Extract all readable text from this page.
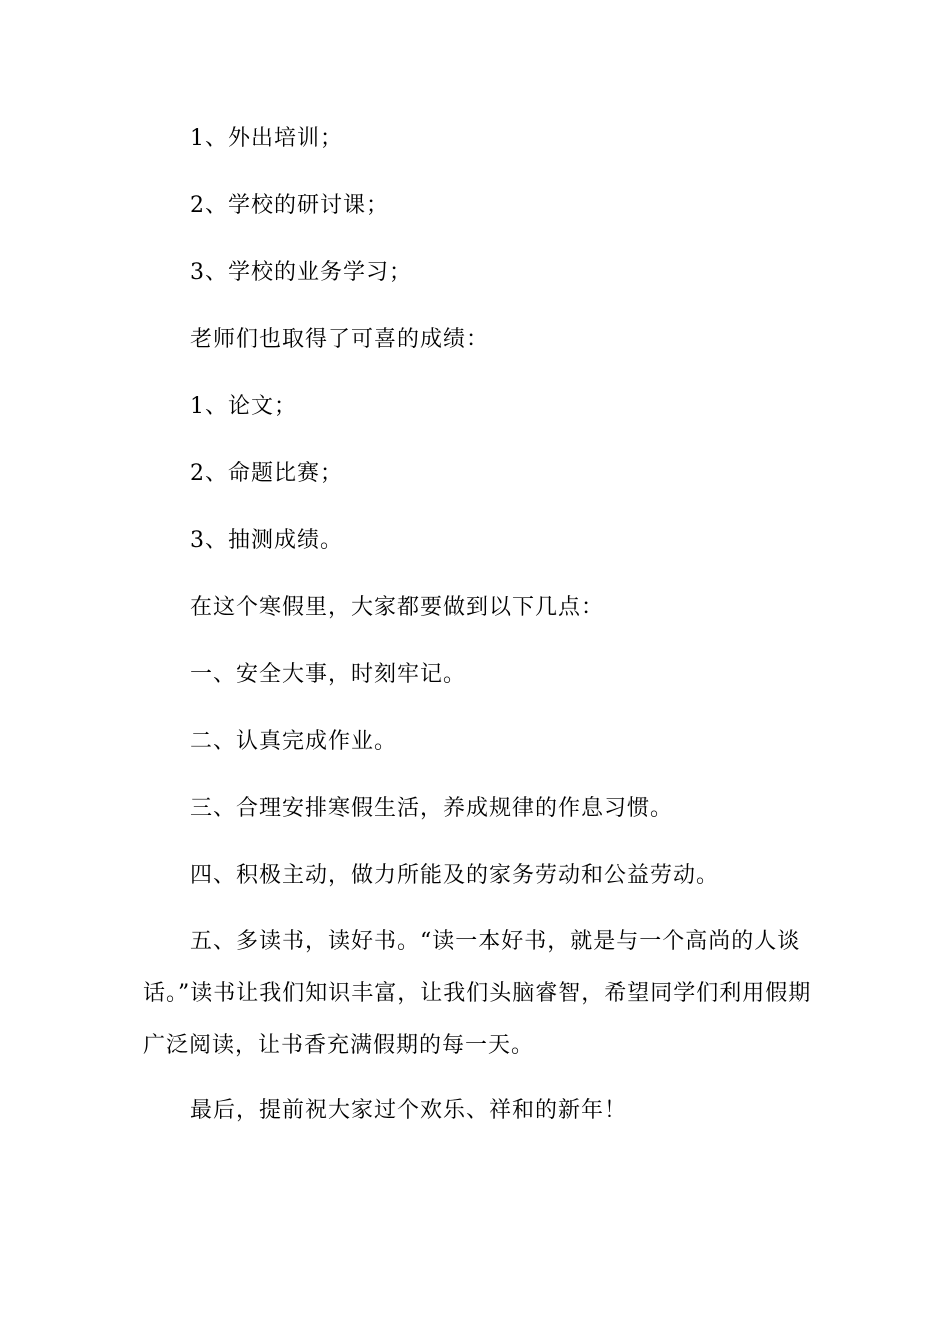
1、外出培训；
2、学校的研讨课；
3、学校的业务学习；
老师们也取得了可喜的成绩：
1、论文；
2、命题比赛；
3、抽测成绩。
在这个寒假里，大家都要做到以下几点：
一、安全大事，时刻牢记。
二、认真完成作业。
三、合理安排寒假生活，养成规律的作息习惯。
四、积极主动，做力所能及的家务劳动和公益劳动。
五、多读书，读好书。“读一本好书，就是与一个高尚的人谈话。”读书让我们知识丰富，让我们头脑睿智，希望同学们利用假期广泛阅读，让书香充满假期的每一天。
最后，提前祝大家过个欢乐、祥和的新年！
